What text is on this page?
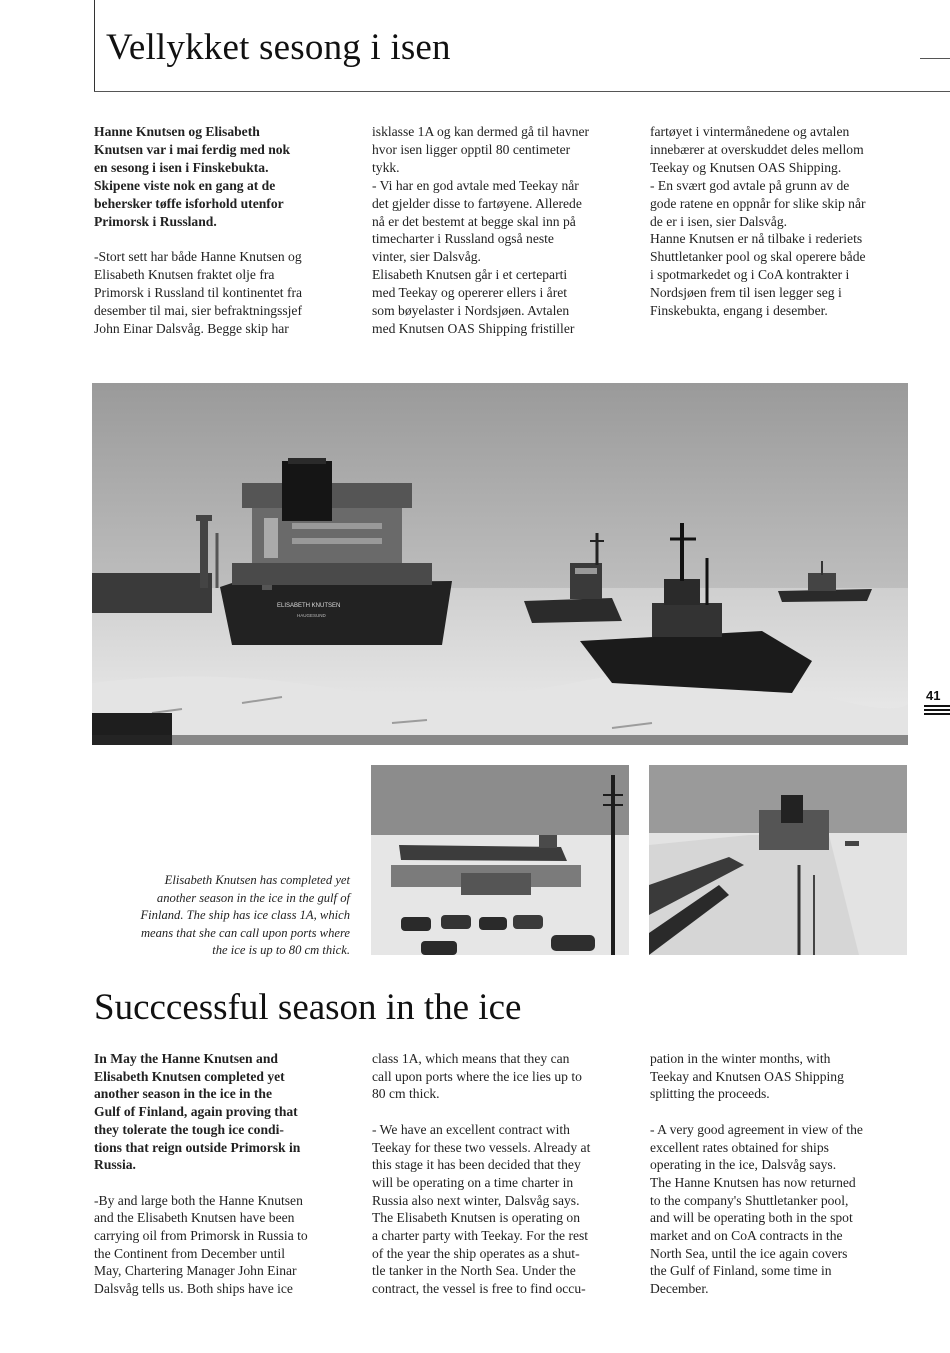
Vellykket sesong i isen

Hanne Knutsen og Elisabeth

Knutsen var i mai ferdig med nok

en sesong i isen i Finskebukta.

Skipene viste nok en gang at de

behersker tøffe isforhold utenfor

Primorsk i Russland.

-Stort sett har både Hanne Knutsen og

Elisabeth Knutsen fraktet olje fra

Primorsk i Russland til kontinentet fra

desember til mai, sier befraktningssjef

John Einar Dalsvåg. Begge skip har

isklasse 1A og kan dermed gå til havner

hvor isen ligger opptil 80 centimeter

tykk.

- Vi har en god avtale med Teekay når

det gjelder disse to fartøyene. Allerede

nå er det bestemt at begge skal inn på

timecharter i Russland også neste

vinter, sier Dalsvåg.

Elisabeth Knutsen går i et certeparti

med Teekay og opererer ellers i året

som bøyelaster i Nordsjøen. Avtalen

med Knutsen OAS Shipping fristiller

fartøyet i vintermånedene og avtalen

innebærer at overskuddet deles mellom

Teekay og Knutsen OAS Shipping.

- En svært god avtale på grunn av de

gode ratene en oppnår for slike skip når

de er i isen, sier Dalsvåg.

Hanne Knutsen er nå tilbake i rederiets

Shuttletanker pool og skal operere både

i spotmarkedet og i CoA kontrakter i

Nordsjøen frem til isen legger seg i

Finskebukta, engang i desember.

ELISABETH KNUTSEN
HAUGESUND

Elisabeth Knutsen has completed yet

another season in the ice in the gulf of

Finland. The ship has ice class 1A, which

means that she can call upon ports where

the ice is up to 80 cm thick.

41
Succcessful season in the ice

In May the Hanne Knutsen and

Elisabeth Knutsen completed yet

another season in the ice in the

Gulf of Finland, again proving that

they tolerate the tough ice condi-

tions that reign outside Primorsk in

Russia.

-By and large both the Hanne Knutsen

and the Elisabeth Knutsen have been

carrying oil from Primorsk in Russia to

the Continent from December until

May, Chartering Manager John Einar

Dalsvåg tells us. Both ships have ice

class 1A, which means that they can

call upon ports where the ice lies up to

80 cm thick.

- We have an excellent contract with

Teekay for these two vessels. Already at

this stage it has been decided that they

will be operating on a time charter in

Russia also next winter, Dalsvåg says.

The Elisabeth Knutsen is operating on

a charter party with Teekay. For the rest

of the year the ship operates as a shut-

tle tanker in the North Sea. Under the

contract, the vessel is free to find occu-

pation in the winter months, with

Teekay and Knutsen OAS Shipping

splitting the proceeds.

- A very good agreement in view of the

excellent rates obtained for ships

operating in the ice, Dalsvåg says.

The Hanne Knutsen has now returned

to the company's Shuttletanker pool,

and will be operating both in the spot

market and on CoA contracts in the

North Sea, until the ice again covers

the Gulf of Finland, some time in

December.
